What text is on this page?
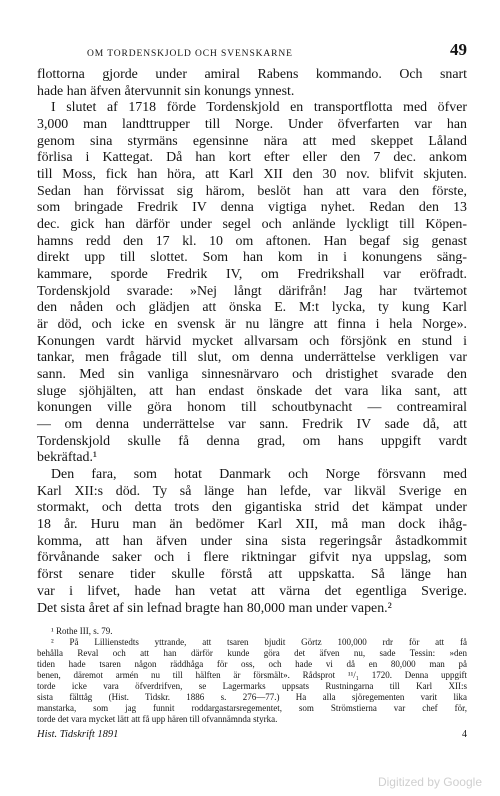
OM TORDENSKJOLD OCH SVENSKARNE	49
flottorna gjorde under amiral Rabens kommando. Och snart
hade han äfven återvunnit sin konungs ynnest.
I slutet af 1718 förde Tordenskjold en transportflotta med öfver
3,000 man landttrupper till Norge. Under öfverfarten var han
genom sina styrmäns egensinne nära att med skeppet Låland
förlisa i Kattegat. Då han kort efter eller den 7 dec. ankom
till Moss, fick han höra, att Karl XII den 30 nov. blifvit skjuten.
Sedan han förvissat sig härom, beslöt han att vara den förste,
som bringade Fredrik IV denna vigtiga nyhet. Redan den 13
dec. gick han därför under segel och anlände lyckligt till Köpen-
hamns redd den 17 kl. 10 om aftonen. Han begaf sig genast
direkt upp till slottet. Som han kom in i konungens säng-
kammare, sporde Fredrik IV, om Fredrikshall var eröfradt.
Tordenskjold svarade: »Nej långt därifrån! Jag har tvärtemot
den nåden och glädjen att önska E. M:t lycka, ty kung Karl
är död, och icke en svensk är nu längre att finna i hela Norge».
Konungen vardt härvid mycket allvarsam och försjönk en stund i
tankar, men frågade till slut, om denna underrättelse verkligen var
sann. Med sin vanliga sinnesnärvaro och dristighet svarade den
sluge sjöhjälten, att han endast önskade det vara lika sant, att
konungen ville göra honom till schoutbynacht — contreamiral
— om denna underrättelse var sann. Fredrik IV sade då, att
Tordenskjold skulle få denna grad, om hans uppgift vardt
bekräftad.¹
Den fara, som hotat Danmark och Norge försvann med
Karl XII:s död. Ty så länge han lefde, var likväl Sverige en
stormakt, och detta trots den gigantiska strid det kämpat under
18 år. Huru man än bedömer Karl XII, må man dock ihåg-
komma, att han äfven under sina sista regeringsår åstadkommit
förvånande saker och i flere riktningar gifvit nya uppslag, som
först senare tider skulle förstå att uppskatta. Så länge han
var i lifvet, hade han vetat att värna det egentliga Sverige.
Det sista året af sin lefnad bragte han 80,000 man under vapen.²
¹ Rothe III, s. 79.
² På Lillienstedts yttrande, att tsaren bjudit Görtz 100,000 rdr för att få
behålla Reval och att han därför kunde göra det äfven nu, sade Tessin: »den
tiden hade tsaren någon räddhåga för oss, och hade vi då en 80,000 man på
benen, däremot armén nu till hälften är försmält». Rådsprot ¹¹/₁ 1720. Denna uppgift
torde icke vara öfverdrifven, se Lagermarks uppsats Rustningarna till Karl XII:s
sista fälttåg (Hist. Tidskr. 1886 s. 276—77.) Ha alla sjöregementen varit lika
manstarka, som jag funnit roddargastarsregementet, som Strömstierna var chef för,
torde det vara mycket lätt att få upp hären till ofvannämnda styrka.
Hist. Tidskrift 1891	4
Digitized by Google
